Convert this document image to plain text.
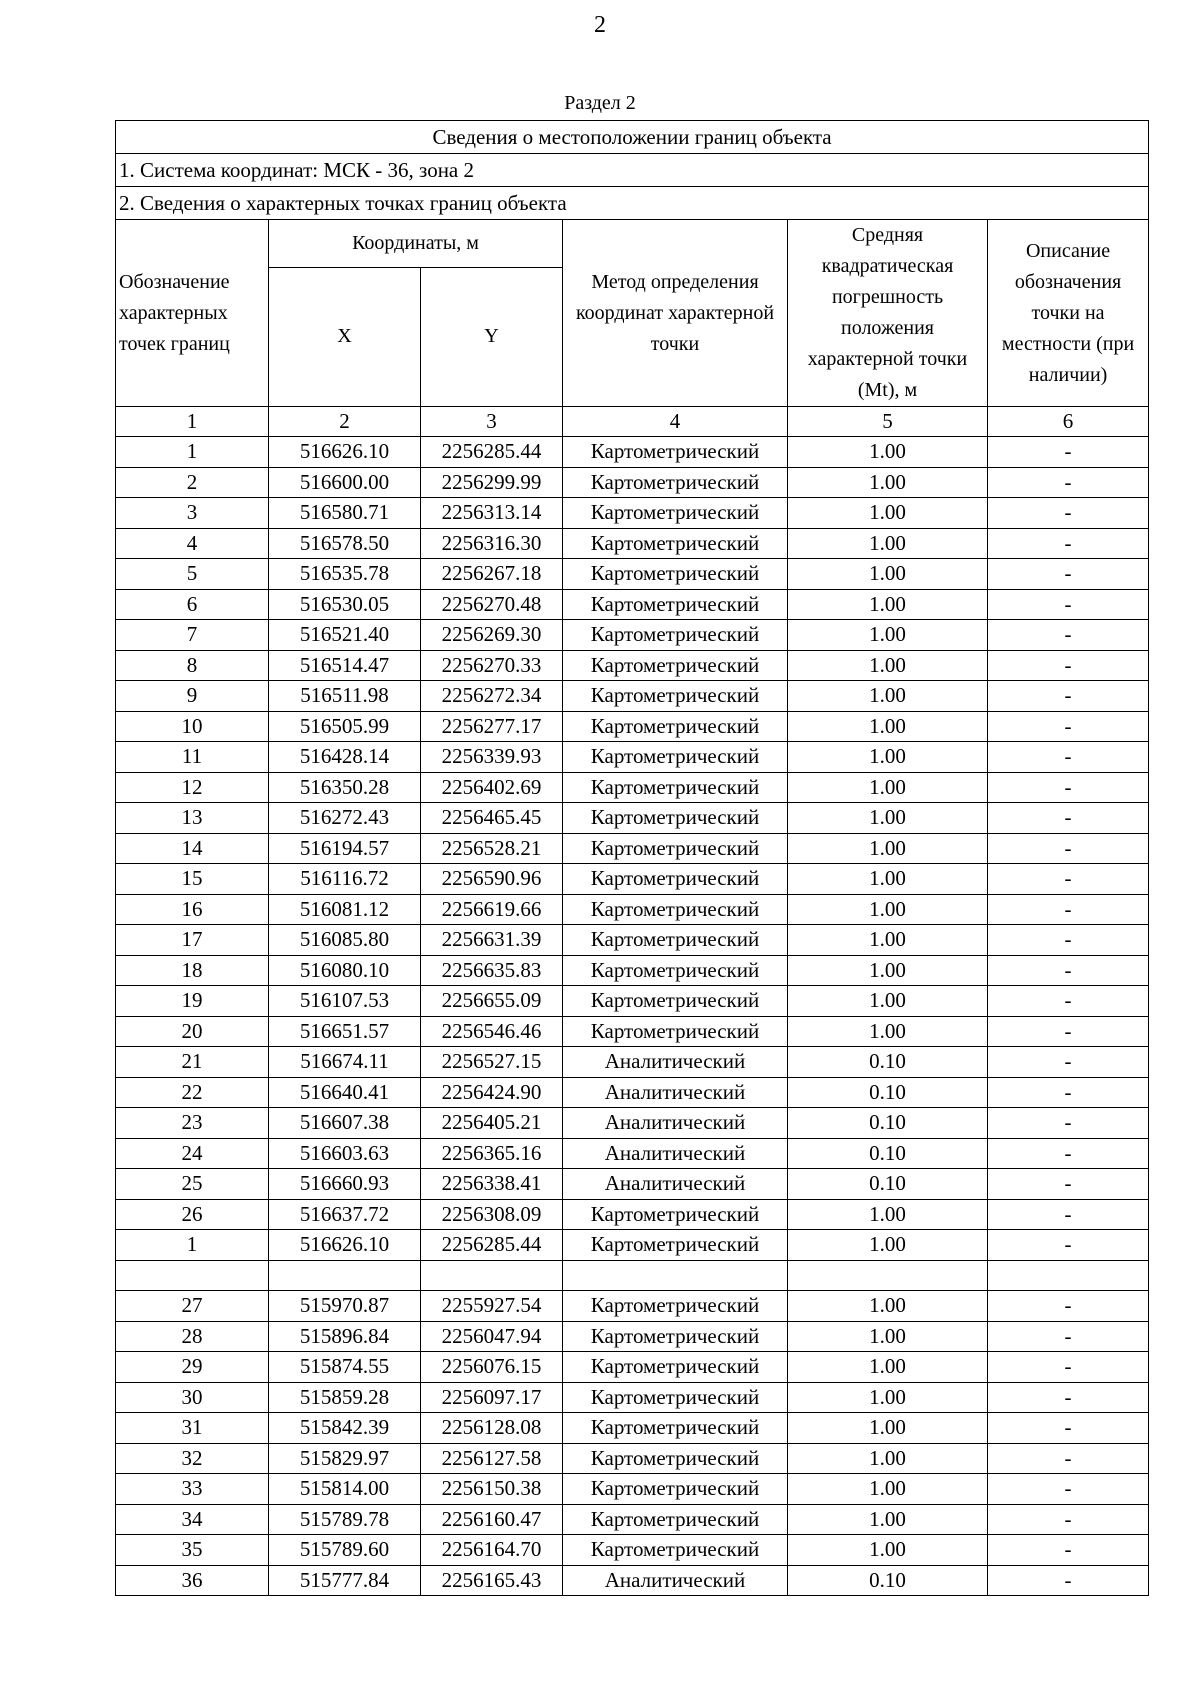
2
Раздел 2
Сведения о местоположении границ объекта					
1. Система координат: МСК - 36, зона 2					
2. Сведения о характерных точках границ объекта					
Обозначение характерных точек границ	Координаты, м		Метод определения координат характерной точки	Средняя квадратическая погрешность положения характерной точки (Mt), м	Описание обозначения точки на местности (при наличии)
	X	Y			
1	2	3	4	5	6
1	516626.10	2256285.44	Картометрический	1.00	-
2	516600.00	2256299.99	Картометрический	1.00	-
3	516580.71	2256313.14	Картометрический	1.00	-
4	516578.50	2256316.30	Картометрический	1.00	-
5	516535.78	2256267.18	Картометрический	1.00	-
6	516530.05	2256270.48	Картометрический	1.00	-
7	516521.40	2256269.30	Картометрический	1.00	-
8	516514.47	2256270.33	Картометрический	1.00	-
9	516511.98	2256272.34	Картометрический	1.00	-
10	516505.99	2256277.17	Картометрический	1.00	-
11	516428.14	2256339.93	Картометрический	1.00	-
12	516350.28	2256402.69	Картометрический	1.00	-
13	516272.43	2256465.45	Картометрический	1.00	-
14	516194.57	2256528.21	Картометрический	1.00	-
15	516116.72	2256590.96	Картометрический	1.00	-
16	516081.12	2256619.66	Картометрический	1.00	-
17	516085.80	2256631.39	Картометрический	1.00	-
18	516080.10	2256635.83	Картометрический	1.00	-
19	516107.53	2256655.09	Картометрический	1.00	-
20	516651.57	2256546.46	Картометрический	1.00	-
21	516674.11	2256527.15	Аналитический	0.10	-
22	516640.41	2256424.90	Аналитический	0.10	-
23	516607.38	2256405.21	Аналитический	0.10	-
24	516603.63	2256365.16	Аналитический	0.10	-
25	516660.93	2256338.41	Аналитический	0.10	-
26	516637.72	2256308.09	Картометрический	1.00	-
1	516626.10	2256285.44	Картометрический	1.00	-

27	515970.87	2255927.54	Картометрический	1.00	-
28	515896.84	2256047.94	Картометрический	1.00	-
29	515874.55	2256076.15	Картометрический	1.00	-
30	515859.28	2256097.17	Картометрический	1.00	-
31	515842.39	2256128.08	Картометрический	1.00	-
32	515829.97	2256127.58	Картометрический	1.00	-
33	515814.00	2256150.38	Картометрический	1.00	-
34	515789.78	2256160.47	Картометрический	1.00	-
35	515789.60	2256164.70	Картометрический	1.00	-
36	515777.84	2256165.43	Аналитический	0.10	-
